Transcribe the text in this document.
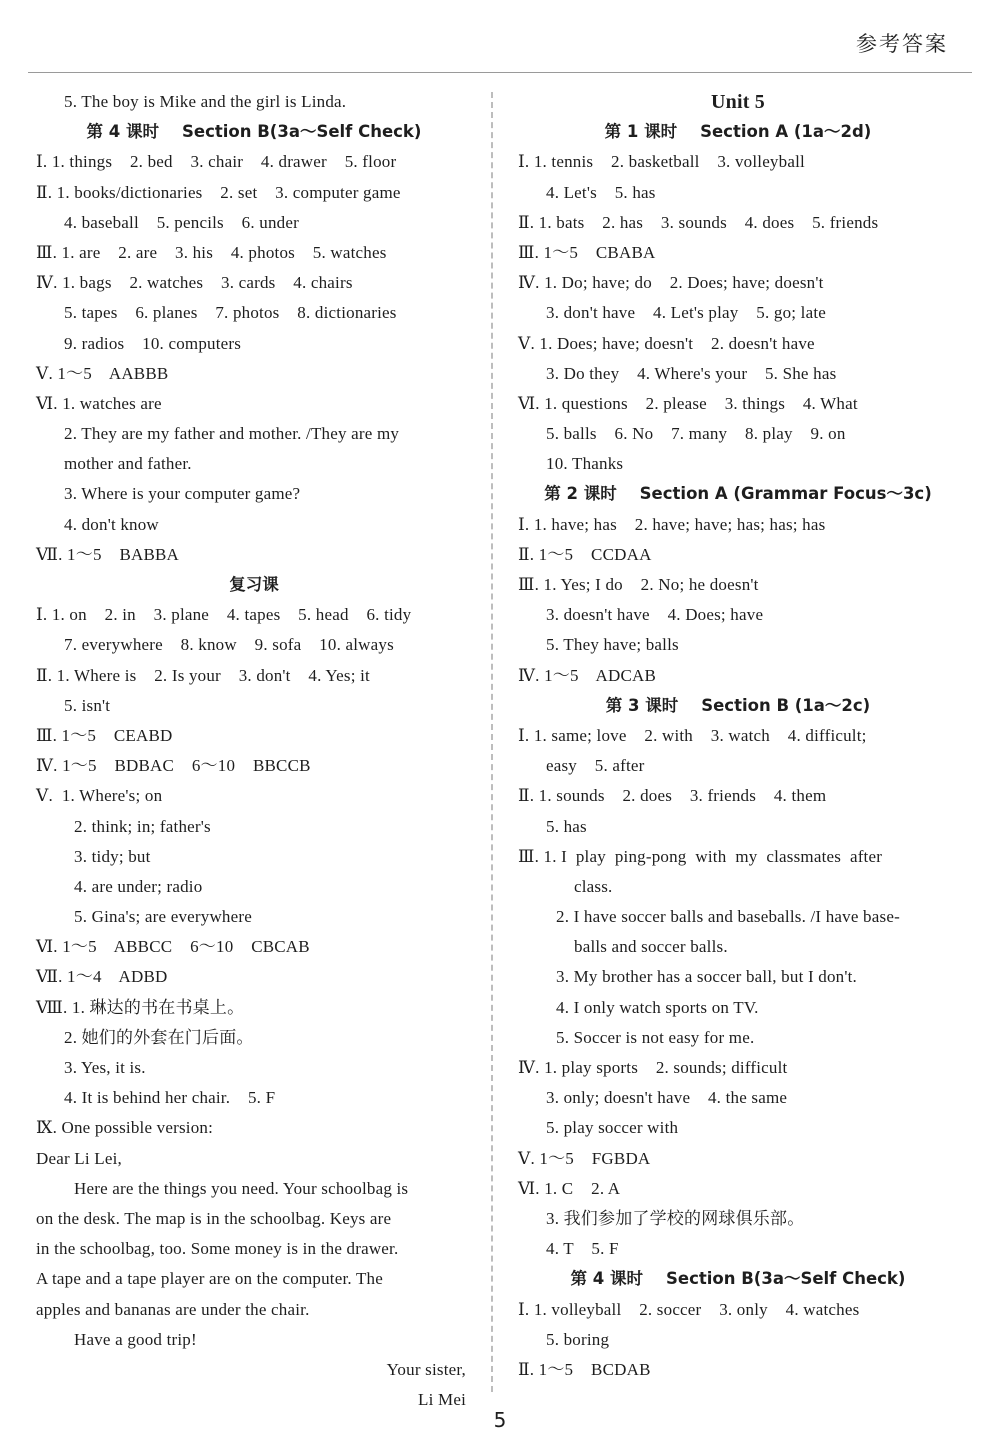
参考答案
5. The boy is Mike and the girl is Linda.
第 4 课时    Section B(3a～Self Check)
Ⅰ. 1. things    2. bed    3. chair    4. drawer    5. floor
Ⅱ. 1. books/dictionaries    2. set    3. computer game
4. baseball    5. pencils    6. under
Ⅲ. 1. are    2. are    3. his    4. photos    5. watches
Ⅳ. 1. bags    2. watches    3. cards    4. chairs
5. tapes    6. planes    7. photos    8. dictionaries
9. radios    10. computers
Ⅴ. 1～5    AABBB
Ⅵ. 1. watches are
2. They are my father and mother. /They are my
mother and father.
3. Where is your computer game?
4. don't know
Ⅶ. 1～5    BABBA
复习课
Ⅰ. 1. on    2. in    3. plane    4. tapes    5. head    6. tidy
7. everywhere    8. know    9. sofa    10. always
Ⅱ. 1. Where is    2. Is your    3. don't    4. Yes; it
5. isn't
Ⅲ. 1～5    CEABD
Ⅳ. 1～5    BDBAC    6～10    BBCCB
Ⅴ.  1. Where's; on
2. think; in; father's
3. tidy; but
4. are under; radio
5. Gina's; are everywhere
Ⅵ. 1～5    ABBCC    6～10    CBCAB
Ⅶ. 1～4    ADBD
Ⅷ. 1. 琳达的书在书桌上。
2. 她们的外套在门后面。
3. Yes, it is.
4. It is behind her chair.    5. F
Ⅸ. One possible version:
Dear Li Lei,
Here are the things you need. Your schoolbag is
on the desk. The map is in the schoolbag. Keys are
in the schoolbag, too. Some money is in the drawer.
A tape and a tape player are on the computer. The
apples and bananas are under the chair.
Have a good trip!
Your sister,
Li Mei
Unit 5
第 1 课时    Section A (1a～2d)
Ⅰ. 1. tennis    2. basketball    3. volleyball
4. Let's    5. has
Ⅱ. 1. bats    2. has    3. sounds    4. does    5. friends
Ⅲ. 1～5    CBABA
Ⅳ. 1. Do; have; do    2. Does; have; doesn't
3. don't have    4. Let's play    5. go; late
Ⅴ. 1. Does; have; doesn't    2. doesn't have
3. Do they    4. Where's your    5. She has
Ⅵ. 1. questions    2. please    3. things    4. What
5. balls    6. No    7. many    8. play    9. on
10. Thanks
第 2 课时    Section A (Grammar Focus～3c)
Ⅰ. 1. have; has    2. have; have; has; has; has
Ⅱ. 1～5    CCDAA
Ⅲ. 1. Yes; I do    2. No; he doesn't
3. doesn't have    4. Does; have
5. They have; balls
Ⅳ. 1～5    ADCAB
第 3 课时    Section B (1a～2c)
Ⅰ. 1. same; love    2. with    3. watch    4. difficult;
easy    5. after
Ⅱ. 1. sounds    2. does    3. friends    4. them
5. has
Ⅲ. 1. I  play  ping-pong  with  my  classmates  after
class.
2. I have soccer balls and baseballs. /I have base-
balls and soccer balls.
3. My brother has a soccer ball, but I don't.
4. I only watch sports on TV.
5. Soccer is not easy for me.
Ⅳ. 1. play sports    2. sounds; difficult
3. only; doesn't have    4. the same
5. play soccer with
Ⅴ. 1～5    FGBDA
Ⅵ. 1. C    2. A
3. 我们参加了学校的网球俱乐部。
4. T    5. F
第 4 课时    Section B(3a～Self Check)
Ⅰ. 1. volleyball    2. soccer    3. only    4. watches
5. boring
Ⅱ. 1～5    BCDAB
5
